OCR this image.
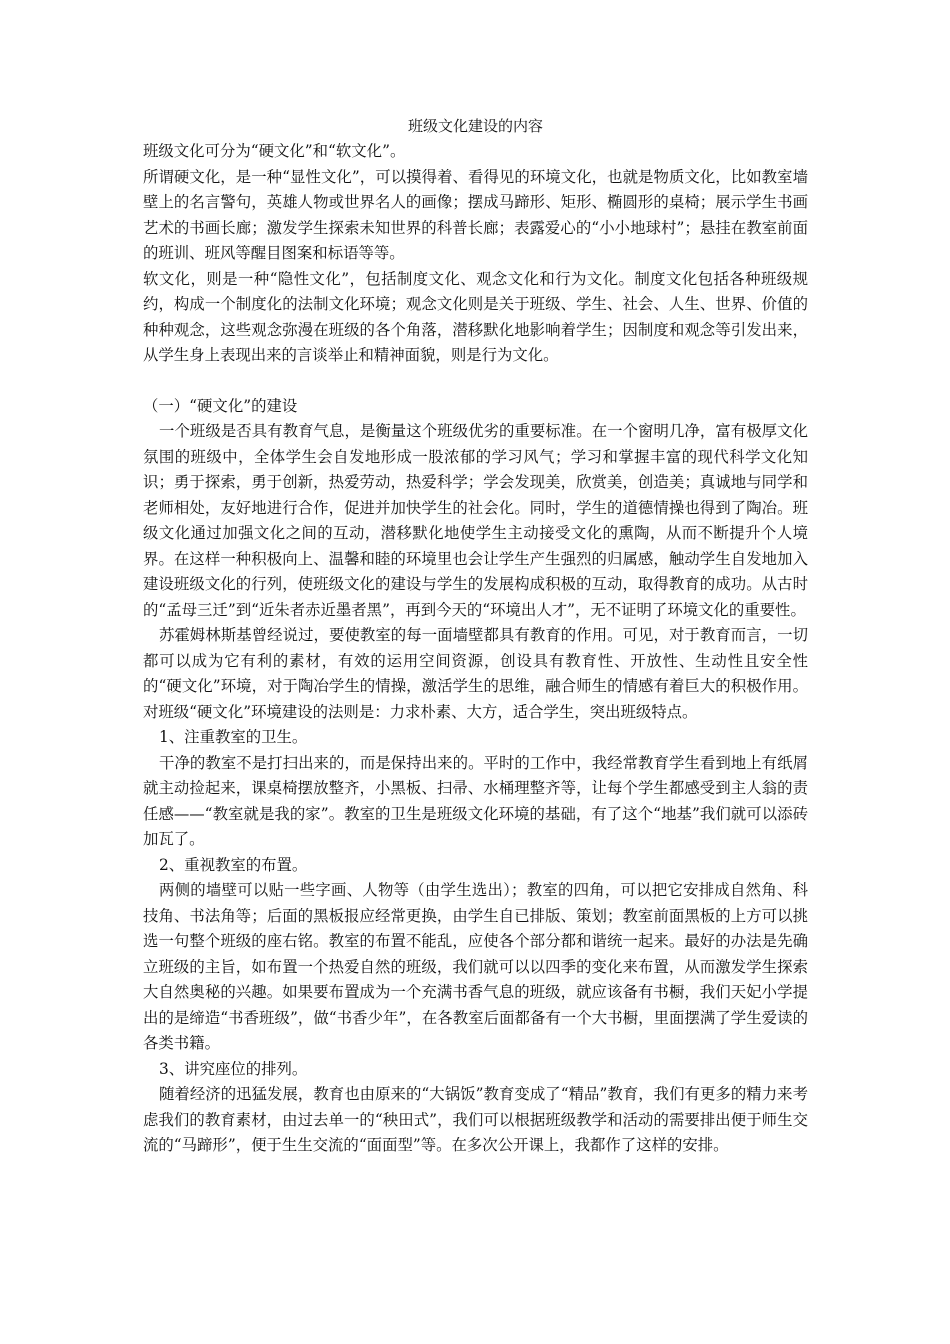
班级文化建设的内容

班级文化可分为“硬文化”和“软文化”。

所谓硬文化，是一种“显性文化”，可以摸得着、看得见的环境文化，也就是物质文化，比如教室墙壁上的名言警句，英雄人物或世界名人的画像；摆成马蹄形、矩形、椭圆形的桌椅；展示学生书画艺术的书画长廊；激发学生探索未知世界的科普长廊；表露爱心的“小小地球村”；悬挂在教室前面的班训、班风等醒目图案和标语等等。

软文化，则是一种“隐性文化”，包括制度文化、观念文化和行为文化。制度文化包括各种班级规约，构成一个制度化的法制文化环境；观念文化则是关于班级、学生、社会、人生、世界、价值的种种观念，这些观念弥漫在班级的各个角落，潜移默化地影响着学生；因制度和观念等引发出来，从学生身上表现出来的言谈举止和精神面貌，则是行为文化。

（一）“硬文化”的建设

一个班级是否具有教育气息，是衡量这个班级优劣的重要标准。在一个窗明几净，富有极厚文化氛围的班级中，全体学生会自发地形成一股浓郁的学习风气；学习和掌握丰富的现代科学文化知识；勇于探索，勇于创新，热爱劳动，热爱科学；学会发现美，欣赏美，创造美；真诚地与同学和老师相处，友好地进行合作，促进并加快学生的社会化。同时，学生的道德情操也得到了陶冶。班级文化通过加强文化之间的互动，潜移默化地使学生主动接受文化的熏陶，从而不断提升个人境界。在这样一种积极向上、温馨和睦的环境里也会让学生产生强烈的归属感，触动学生自发地加入建设班级文化的行列，使班级文化的建设与学生的发展构成积极的互动，取得教育的成功。从古时的“孟母三迁”到“近朱者赤近墨者黑”，再到今天的“环境出人才”，无不证明了环境文化的重要性。

苏霍姆林斯基曾经说过，要使教室的每一面墙壁都具有教育的作用。可见，对于教育而言，一切都可以成为它有利的素材，有效的运用空间资源，创设具有教育性、开放性、生动性且安全性的“硬文化”环境，对于陶冶学生的情操，激活学生的思维，融合师生的情感有着巨大的积极作用。对班级“硬文化”环境建设的法则是：力求朴素、大方，适合学生，突出班级特点。

1、注重教室的卫生。

干净的教室不是打扫出来的，而是保持出来的。平时的工作中，我经常教育学生看到地上有纸屑就主动捡起来，课桌椅摆放整齐，小黑板、扫帚、水桶理整齐等，让每个学生都感受到主人翁的责任感——“教室就是我的家”。教室的卫生是班级文化环境的基础，有了这个“地基”我们就可以添砖加瓦了。

2、重视教室的布置。

两侧的墙壁可以贴一些字画、人物等（由学生选出）；教室的四角，可以把它安排成自然角、科技角、书法角等；后面的黑板报应经常更换，由学生自已排版、策划；教室前面黑板的上方可以挑选一句整个班级的座右铭。教室的布置不能乱，应使各个部分都和谐统一起来。最好的办法是先确立班级的主旨，如布置一个热爱自然的班级，我们就可以以四季的变化来布置，从而激发学生探索大自然奥秘的兴趣。如果要布置成为一个充满书香气息的班级，就应该备有书橱，我们天妃小学提出的是缔造“书香班级”，做“书香少年”，在各教室后面都备有一个大书橱，里面摆满了学生爱读的各类书籍。

3、讲究座位的排列。

随着经济的迅猛发展，教育也由原来的“大锅饭”教育变成了“精品”教育，我们有更多的精力来考虑我们的教育素材，由过去单一的“秧田式”，我们可以根据班级教学和活动的需要排出便于师生交流的“马蹄形”，便于生生交流的“面面型”等。在多次公开课上，我都作了这样的安排。
